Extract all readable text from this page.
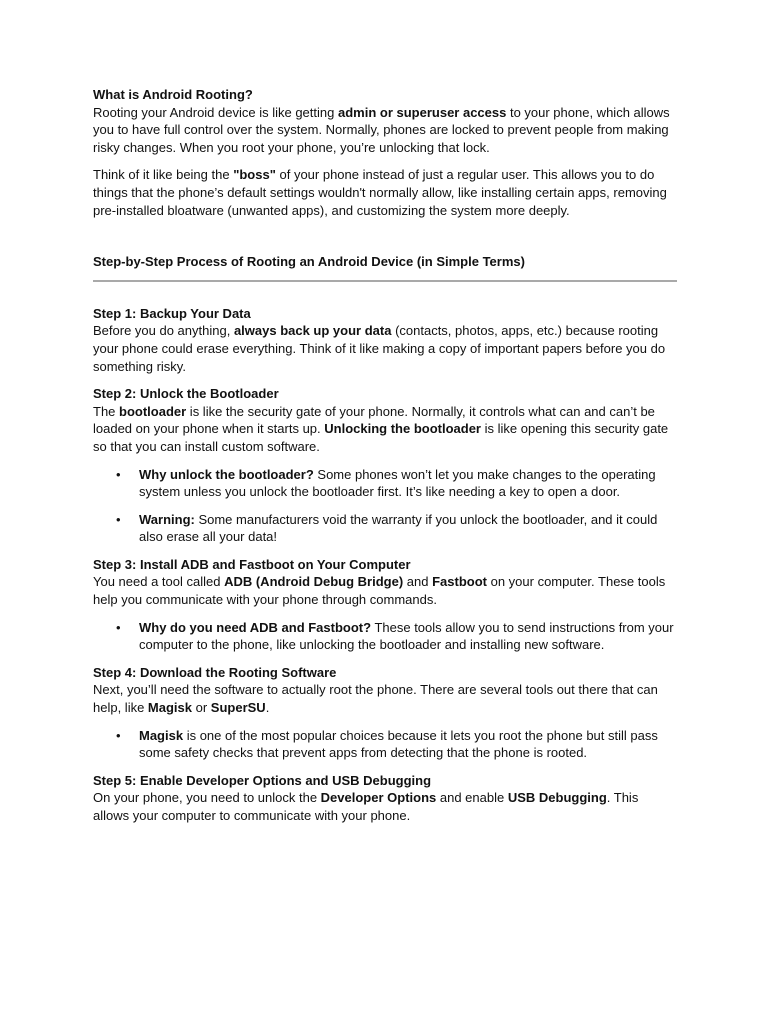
What is Android Rooting?

Rooting your Android device is like getting admin or superuser access to your phone, which allows you to have full control over the system. Normally, phones are locked to prevent people from making risky changes. When you root your phone, you’re unlocking that lock.

Think of it like being the "boss" of your phone instead of just a regular user. This allows you to do things that the phone’s default settings wouldn't normally allow, like installing certain apps, removing pre-installed bloatware (unwanted apps), and customizing the system more deeply.

Step-by-Step Process of Rooting an Android Device (in Simple Terms)

Step 1: Backup Your Data

Before you do anything, always back up your data (contacts, photos, apps, etc.) because rooting your phone could erase everything. Think of it like making a copy of important papers before you do something risky.

Step 2: Unlock the Bootloader

The bootloader is like the security gate of your phone. Normally, it controls what can and can’t be loaded on your phone when it starts up. Unlocking the bootloader is like opening this security gate so that you can install custom software.

• Why unlock the bootloader? Some phones won’t let you make changes to the operating system unless you unlock the bootloader first. It’s like needing a key to open a door.
• Warning: Some manufacturers void the warranty if you unlock the bootloader, and it could also erase all your data!

Step 3: Install ADB and Fastboot on Your Computer

You need a tool called ADB (Android Debug Bridge) and Fastboot on your computer. These tools help you communicate with your phone through commands.

• Why do you need ADB and Fastboot? These tools allow you to send instructions from your computer to the phone, like unlocking the bootloader and installing new software.

Step 4: Download the Rooting Software

Next, you’ll need the software to actually root the phone. There are several tools out there that can help, like Magisk or SuperSU.

• Magisk is one of the most popular choices because it lets you root the phone but still pass some safety checks that prevent apps from detecting that the phone is rooted.

Step 5: Enable Developer Options and USB Debugging

On your phone, you need to unlock the Developer Options and enable USB Debugging. This allows your computer to communicate with your phone.
